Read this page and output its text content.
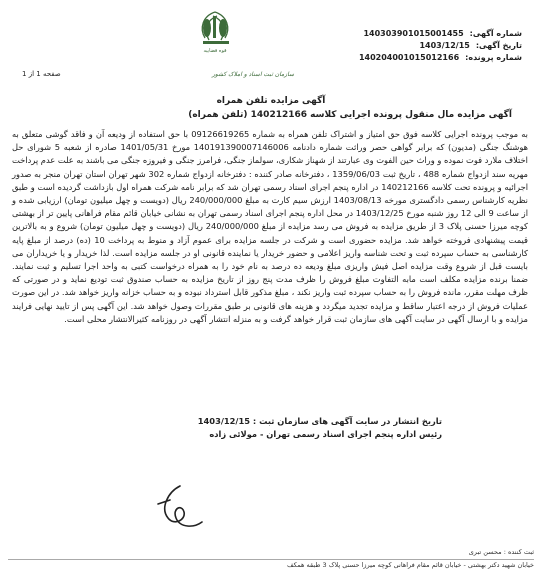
قوه قضاییه
سازمان ثبت اسناد و املاک کشور
شماره آگهی:
140303901015001455
تاریخ آگهی:
1403/12/15
شماره پرونده:
140204001015012166
صفحه 1 از 1
آگهی مزایده تلفن همراه
آگهی مزایده مال منقول پرونده اجرایی کلاسه 140212166 (تلفن همراه)
به موجب پرونده اجرایی کلاسه فوق حق امتیاز و اشتراک تلفن همراه به شماره 09126619265 با حق استفاده از ودیعه آن و فاقد گوشی متعلق به هوشنگ جنگی (مدیون) که برابر گواهی حصر وراثت شماره دادنامه 140191390007146006 مورخ 1401/05/31 صادره از شعبه 5 شورای حل اختلاف ملارد فوت نموده و وراث حین الفوت وی عبارتند از شهناز شکاری، سولماز جنگی، فرامرز جنگی و فیروزه جنگی می باشند به علت عدم پرداخت مهریه سند ازدواج شماره 488 ، تاریخ ثبت 1359/06/03 ، دفترخانه صادر کننده : دفترخانه ازدواج شماره 302 شهر تهران استان تهران منجر به صدور اجرائیه و پرونده تحت کلاسه 140212166 در اداره پنجم اجرای اسناد رسمی تهران شد که برابر نامه شرکت همراه اول بازداشت گردیده است و طبق نظریه کارشناس رسمی دادگستری مورخه 1403/08/13 ارزش سیم کارت به مبلغ 240/000/000 ریال (دویست و چهل میلیون تومان) ارزیابی شده و از ساعت 9 الی 12 روز شنبه مورخ 1403/12/25 در محل اداره پنجم اجرای اسناد رسمی تهران به نشانی خیابان قائم مقام فراهانی پایین تر از بهشتی کوچه میرزا حسنی پلاک 3 از طریق مزایده به فروش می رسد مزایده از مبلغ 240/000/000 ریال (دویست و چهل میلیون تومان) شروع و به بالاترین قیمت پیشنهادی فروخته خواهد شد. مزایده حضوری است و شرکت در جلسه مزایده برای عموم آزاد و منوط به پرداخت 10 (ده) درصد از مبلغ پایه کارشناسی به حساب سپرده ثبت و تحت شناسه واریز اعلامی و حضور خریدار یا نماینده قانونی او در جلسه مزایده است. لذا خریدار و یا خریداران می بایست قبل از شروع وقت مزایده اصل فیش واریزی مبلغ ودیعه ده درصد به نام خود را به همراه درخواست کتبی به واحد اجرا تسلیم و ثبت نمایند. ضمنا برنده مزایده مکلف است مابه التفاوت مبلغ فروش را ظرف مدت پنج روز از تاریخ مزایده به حساب صندوق ثبت تودیع نماید و در صورتی که ظرف مهلت مقرر، مانده فروش را به حساب سپرده ثبت واریز نکند ، مبلغ مذکور قابل استرداد نبوده و به حساب خزانه واریز خواهد شد. در این صورت عملیات فروش از درجه اعتبار ساقط و مزایده تجدید میگردد و هزینه های قانونی بر طبق مقررات وصول خواهد شد. این آگهی پس از تایید نهایی فرایند مزایده و با ارسال آگهی در سایت آگهی های سازمان ثبت قرار خواهد گرفت و به منزله انتشار آگهی در روزنامه کثیرالانتشار محلی است.
تاریخ انتشار در سایت آگهی های سازمان ثبت : 1403/12/15
رئیس اداره پنجم اجرای اسناد رسمی تهران - مولائی زاده
ثبت کننده : محسن تبری
خیابان شهید دکتر بهشتی - خیابان قائم مقام فراهانی کوچه میرزا حسنی پلاک 3 طبقه همکف
